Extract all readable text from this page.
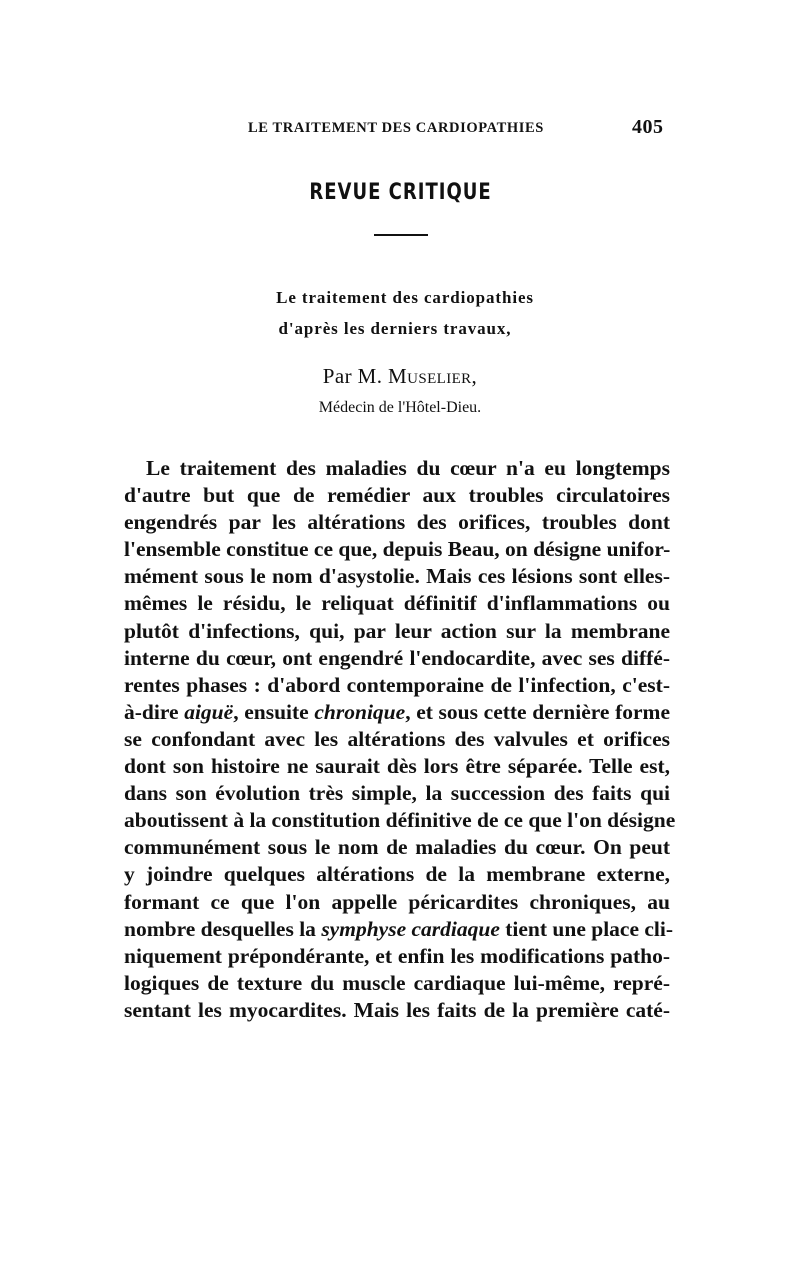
LE TRAITEMENT DES CARDIOPATHIES	405
REVUE CRITIQUE
Le traitement des cardiopathies
d'après les derniers travaux,
Par M. Muselier,
Médecin de l'Hôtel-Dieu.
Le traitement des maladies du cœur n'a eu longtemps
d'autre but que de remédier aux troubles circulatoires
engendrés par les altérations des orifices, troubles dont
l'ensemble constitue ce que, depuis Beau, on désigne unifor-
mément sous le nom d'asystolie. Mais ces lésions sont elles-
mêmes le résidu, le reliquat définitif d'inflammations ou
plutôt d'infections, qui, par leur action sur la membrane
interne du cœur, ont engendré l'endocardite, avec ses diffé-
rentes phases : d'abord contemporaine de l'infection, c'est-
à-dire aiguë, ensuite chronique, et sous cette dernière forme
se confondant avec les altérations des valvules et orifices
dont son histoire ne saurait dès lors être séparée. Telle est,
dans son évolution très simple, la succession des faits qui
aboutissent à la constitution définitive de ce que l'on désigne
communément sous le nom de maladies du cœur. On peut
y joindre quelques altérations de la membrane externe,
formant ce que l'on appelle péricardites chroniques, au
nombre desquelles la symphyse cardiaque tient une place cli-
niquement prépondérante, et enfin les modifications patho-
logiques de texture du muscle cardiaque lui-même, repré-
sentant les myocardites. Mais les faits de la première caté-
